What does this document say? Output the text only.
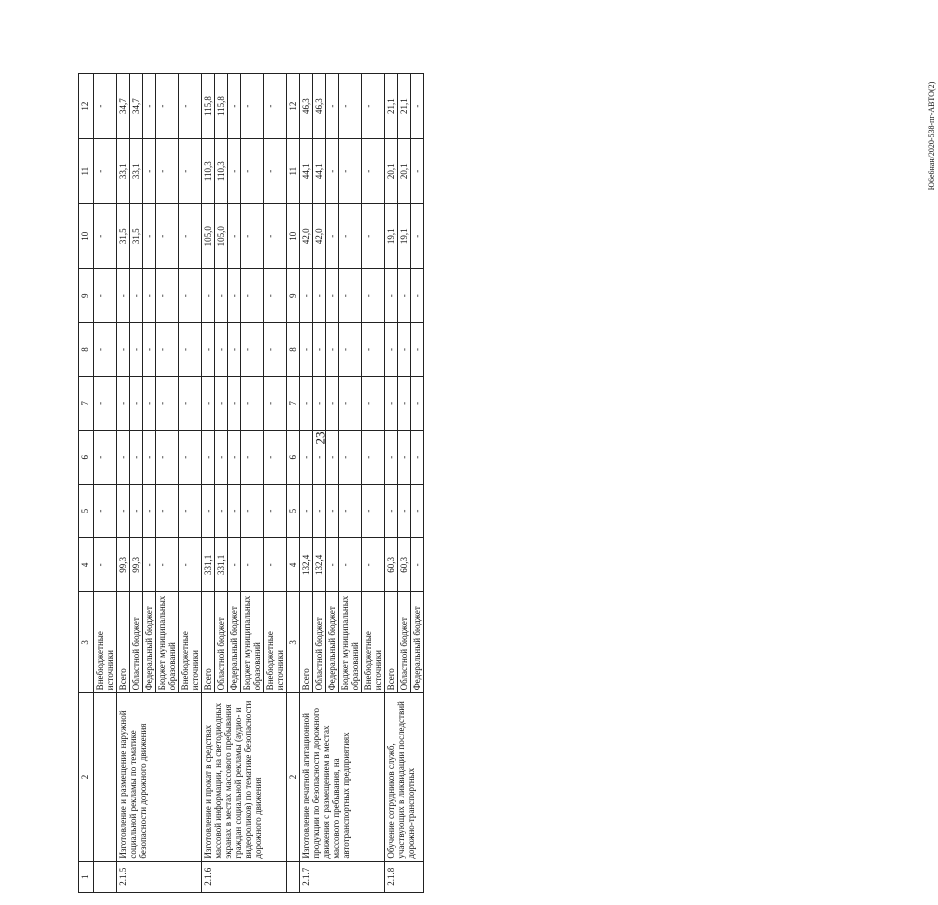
23
Ю6е6нан/2020-538-пг-АВТО(2)
1	2	3	4	5	6	7	8	9	10	11	12
		Внебюджетные источники	-	-	-	-	-	-	-	-	-
2.1.5	Изготовление и размещение наружной социальной рекламы по тематике безопасности дорожного движения	Всего	99,3	-	-	-	-	-	31,5	33,1	34,7
		Областной бюджет	99,3	-	-	-	-	-	31,5	33,1	34,7
		Федеральный бюджет	-	-	-	-	-	-	-	-	-
		Бюджет муниципальных образований	-	-	-	-	-	-	-	-	-
		Внебюджетные источники	-	-	-	-	-	-	-	-	-
2.1.6	Изготовление и прокат в средствах массовой информации, на светодиодных экранах в местах массового пребывания граждан социальной рекламы (аудио- и видеороликов) по тематике безопасности дорожного движения	Всего	331,1	-	-	-	-	-	105,0	110,3	115,8
		Областной бюджет	331,1	-	-	-	-	-	105,0	110,3	115,8
		Федеральный бюджет	-	-	-	-	-	-	-	-	-
		Бюджет муниципальных образований	-	-	-	-	-	-	-	-	-
		Внебюджетные источники	-	-	-	-	-	-	-	-	-
	2	3	4	5	6	7	8	9	10	11	12
2.1.7	Изготовление печатной агитационной продукции по безопасности дорожного движения с размещением в местах массового пребывания, на автотранспортных предприятиях	Всего	132,4	-	-	-	-	-	42,0	44,1	46,3
		Областной бюджет	132,4	-	-	-	-	-	42,0	44,1	46,3
		Федеральный бюджет	-	-	-	-	-	-	-	-	-
		Бюджет муниципальных образований	-	-	-	-	-	-	-	-	-
		Внебюджетные источники	-	-	-	-	-	-	-	-	-
2.1.8	Обучение сотрудников служб, участвующих в ликвидации последствий дорожно-транспортных	Всего	60,3	-	-	-	-	-	19,1	20,1	21,1
		Областной бюджет	60,3	-	-	-	-	-	19,1	20,1	21,1
		Федеральный бюджет	-	-	-	-	-	-	-	-	-
